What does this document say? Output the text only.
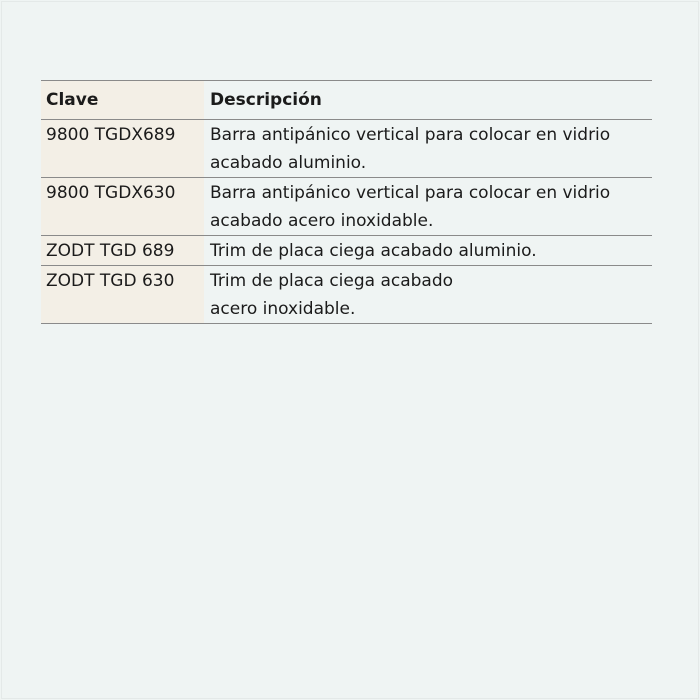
Clave	Descripción
9800 TGDX689	Barra antipánico vertical para colocar en vidrio
acabado aluminio.
9800 TGDX630	Barra antipánico vertical para colocar en vidrio
acabado acero inoxidable.
ZODT TGD 689	Trim de placa ciega acabado aluminio.
ZODT TGD 630	Trim de placa ciega acabado
acero inoxidable.
